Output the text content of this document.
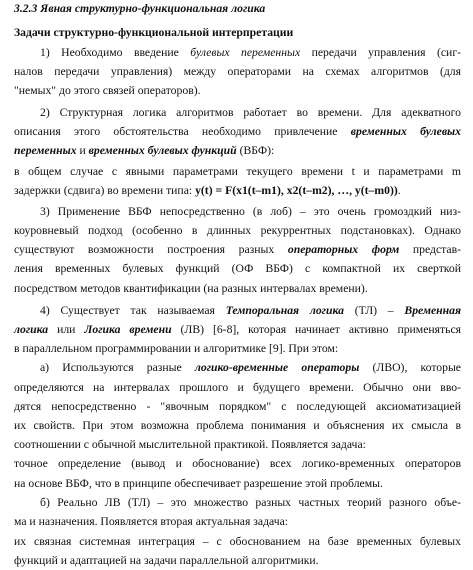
3.2.3 Явная структурно-функциональная логика
Задачи структурно-функциональной интерпретации
1) Необходимо введение булевых переменных передачи управления (сиг-
налов передачи управления) между операторами на схемах алгоритмов (для
"немых" до этого связей операторов).
2) Структурная логика алгоритмов работает во времени. Для адекватного
описания этого обстоятельства необходимо привлечение временных булевых
переменных и временных булевых функций (ВБФ):
в общем случае с явными параметрами текущего времени t и параметрами m
задержки (сдвига) во времени типа: y(t) = F(x1(t–m1), x2(t–m2), …, y(t–m0)).
3) Применение ВБФ непосредственно (в лоб) – это очень громоздкий низ-
коуровневый подход (особенно в длинных рекуррентных подстановках). Однако
существуют возможности построения разных операторных форм представ-
ления временных булевых функций (ОФ ВБФ) с компактной их сверткой
посредством методов квантификации (на разных интервалах времени).
4) Существует так называемая Темпоральная логика (ТЛ) – Временная
логика или Логика времени (ЛВ) [6-8], которая начинает активно применяться
в параллельном программировании и алгоритмике [9]. При этом:
а) Используются разные логико-временные операторы (ЛВО), которые
определяются на интервалах прошлого и будущего времени. Обычно они вво-
дятся непосредственно - "явочным порядком" с последующей аксиоматизацией
их свойств. При этом возможна проблема понимания и объяснения их смысла в
соотношении с обычной мыслительной практикой. Появляется задача:
точное определение (вывод и обоснование) всех логико-временных операторов
на основе ВБФ, что в принципе обеспечивает разрешение этой проблемы.
б) Реально ЛВ (ТЛ) – это множество разных частных теорий разного объе-
ма и назначения. Появляется вторая актуальная задача:
их связная системная интеграция – с обоснованием на базе временных булевых
функций и адаптацией на задачи параллельной алгоритмики.
